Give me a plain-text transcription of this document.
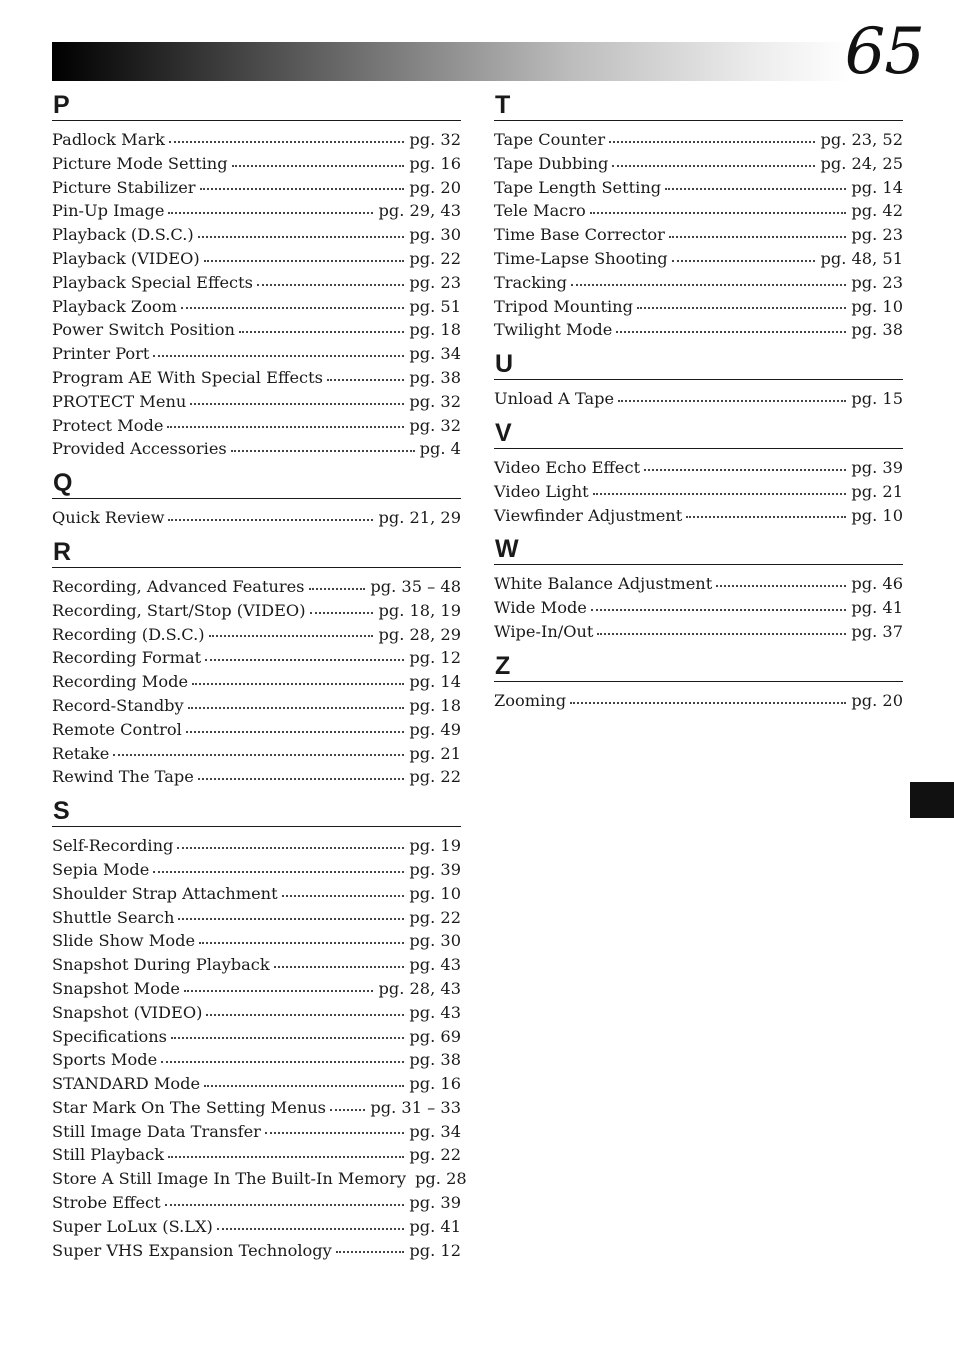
65
P
Padlock Mark	pg. 32
Picture Mode Setting	pg. 16
Picture Stabilizer	pg. 20
Pin-Up Image	pg. 29, 43
Playback (D.S.C.)	pg. 30
Playback (VIDEO)	pg. 22
Playback Special Effects	pg. 23
Playback Zoom	pg. 51
Power Switch Position	pg. 18
Printer Port	pg. 34
Program AE With Special Effects	pg. 38
PROTECT Menu	pg. 32
Protect Mode	pg. 32
Provided Accessories	pg. 4
Q
Quick Review	pg. 21, 29
R
Recording, Advanced Features	pg. 35 – 48
Recording, Start/Stop (VIDEO)	pg. 18, 19
Recording (D.S.C.)	pg. 28, 29
Recording Format	pg. 12
Recording Mode	pg. 14
Record-Standby	pg. 18
Remote Control	pg. 49
Retake	pg. 21
Rewind The Tape	pg. 22
S
Self-Recording	pg. 19
Sepia Mode	pg. 39
Shoulder Strap Attachment	pg. 10
Shuttle Search	pg. 22
Slide Show Mode	pg. 30
Snapshot During Playback	pg. 43
Snapshot Mode	pg. 28, 43
Snapshot (VIDEO)	pg. 43
Specifications	pg. 69
Sports Mode	pg. 38
STANDARD Mode	pg. 16
Star Mark On The Setting Menus	pg. 31 – 33
Still Image Data Transfer	pg. 34
Still Playback	pg. 22
Store A Still Image In The Built-In Memory pg. 28
Strobe Effect	pg. 39
Super LoLux (S.LX)	pg. 41
Super VHS Expansion Technology	pg. 12
T
Tape Counter	pg. 23, 52
Tape Dubbing	pg. 24, 25
Tape Length Setting	pg. 14
Tele Macro	pg. 42
Time Base Corrector	pg. 23
Time-Lapse Shooting	pg. 48, 51
Tracking	pg. 23
Tripod Mounting	pg. 10
Twilight Mode	pg. 38
U
Unload A Tape	pg. 15
V
Video Echo Effect	pg. 39
Video Light	pg. 21
Viewfinder Adjustment	pg. 10
W
White Balance Adjustment	pg. 46
Wide Mode	pg. 41
Wipe-In/Out	pg. 37
Z
Zooming	pg. 20
